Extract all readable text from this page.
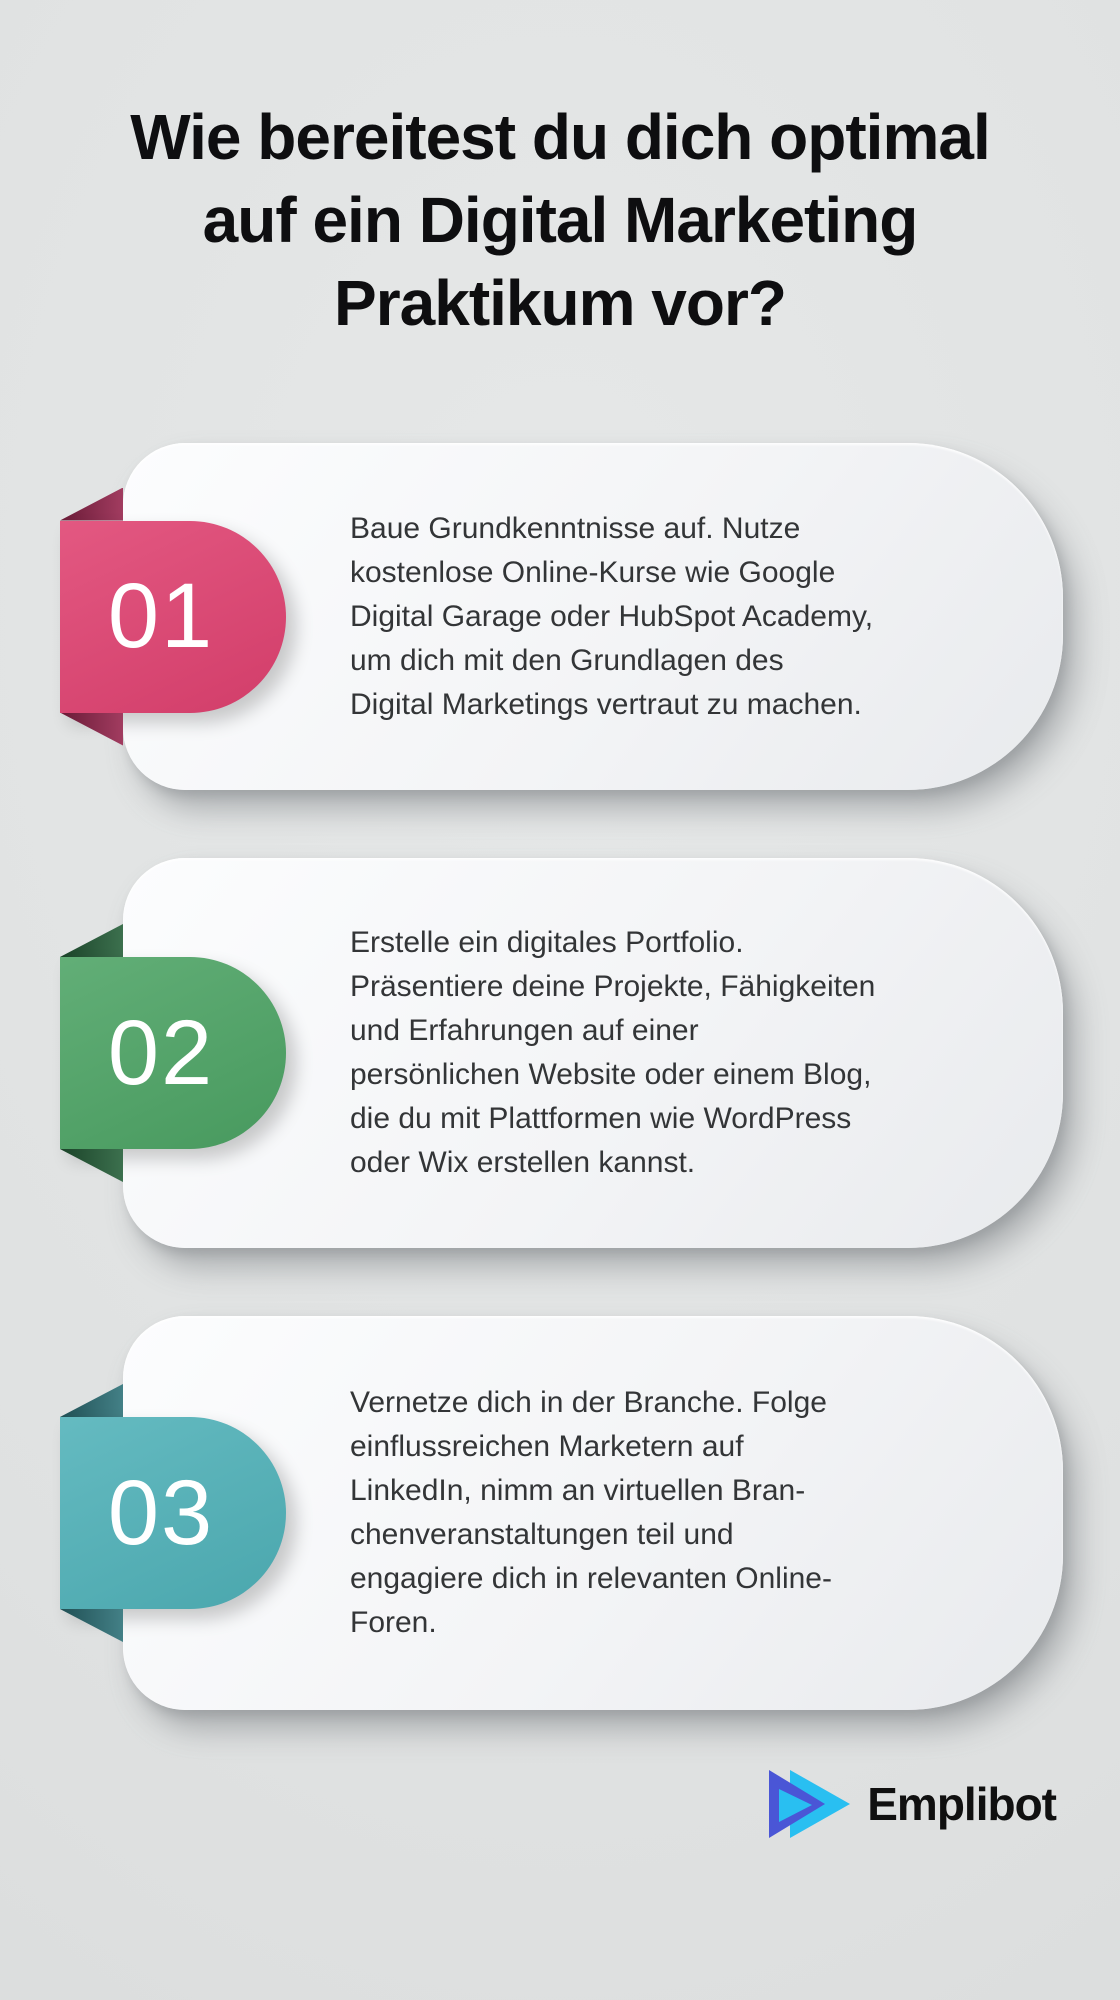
Wie bereitest du dich optimal
auf ein Digital Marketing
Praktikum vor?

Baue Grundkenntnisse auf. Nutze
kostenlose Online-Kurse wie Google
Digital Garage oder HubSpot Academy,
um dich mit den Grundlagen des
Digital Marketings vertraut zu machen.

01

Erstelle ein digitales Portfolio.
Präsentiere deine Projekte, Fähigkeiten
und Erfahrungen auf einer
persönlichen Website oder einem Blog,
die du mit Plattformen wie WordPress
oder Wix erstellen kannst.

02

Vernetze dich in der Branche. Folge
einflussreichen Marketern auf
LinkedIn, nimm an virtuellen Bran-
chenveranstaltungen teil und
engagiere dich in relevanten Online-
Foren.

03
Emplibot
